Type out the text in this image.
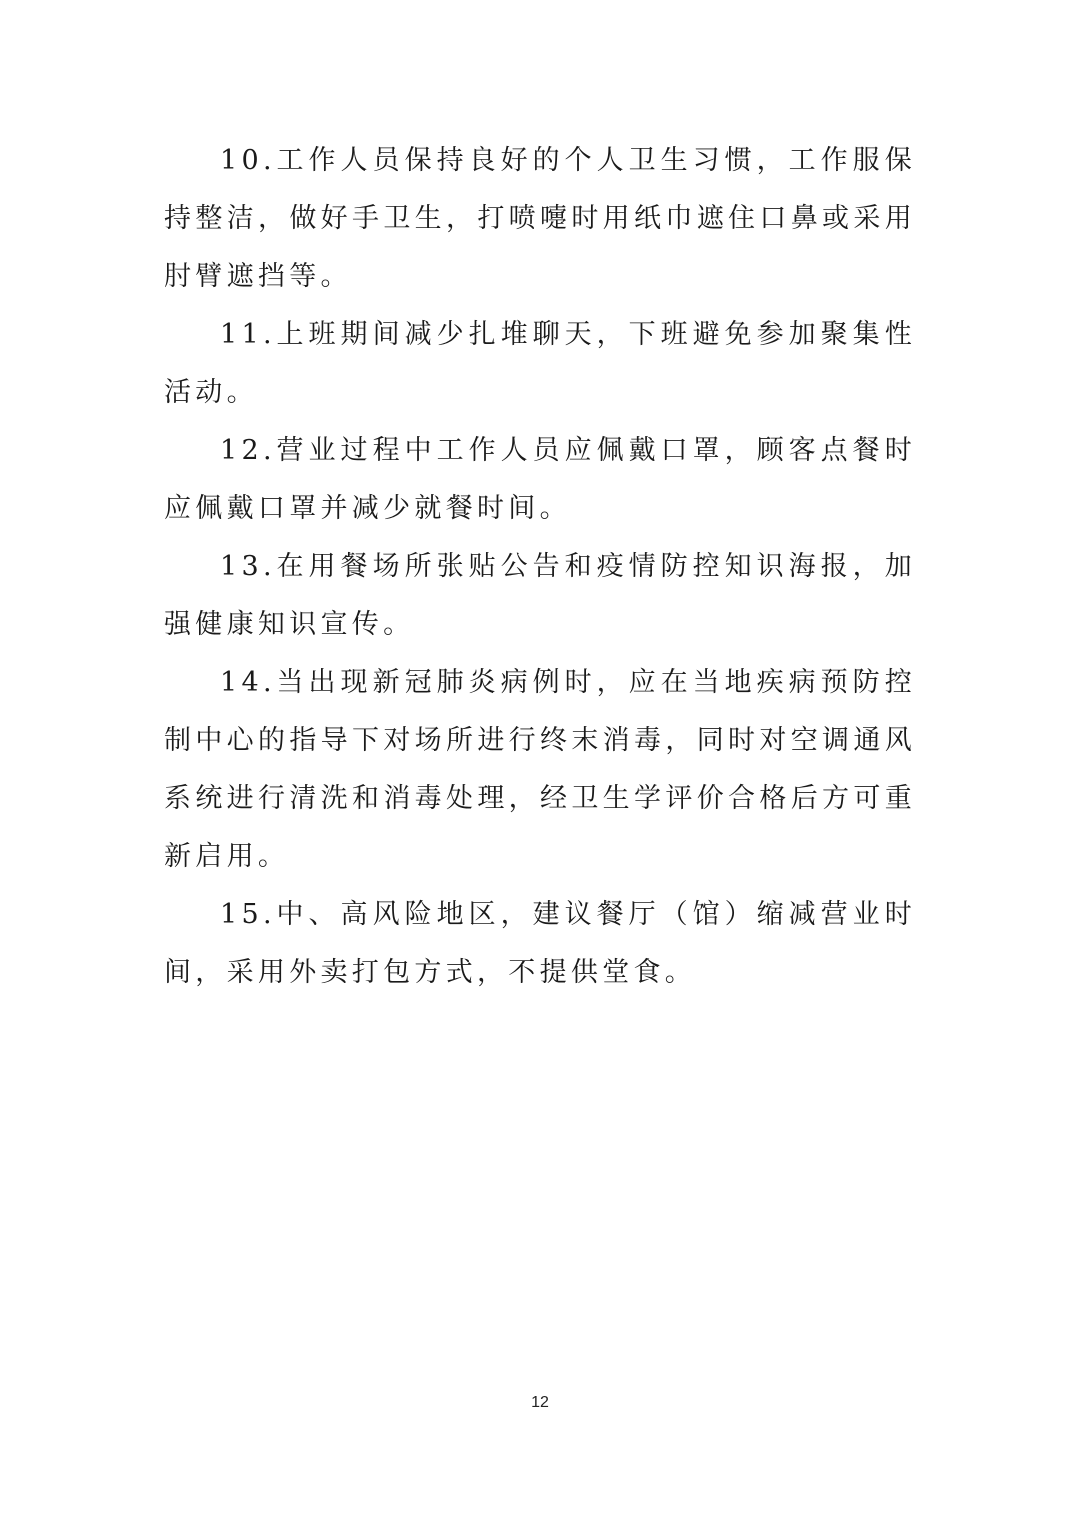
10.工作人员保持良好的个人卫生习惯，工作服保持整洁，做好手卫生，打喷嚏时用纸巾遮住口鼻或采用肘臂遮挡等。

11.上班期间减少扎堆聊天，下班避免参加聚集性活动。

12.营业过程中工作人员应佩戴口罩，顾客点餐时应佩戴口罩并减少就餐时间。

13.在用餐场所张贴公告和疫情防控知识海报，加强健康知识宣传。

14.当出现新冠肺炎病例时，应在当地疾病预防控制中心的指导下对场所进行终末消毒，同时对空调通风系统进行清洗和消毒处理，经卫生学评价合格后方可重新启用。

15.中、高风险地区，建议餐厅（馆）缩减营业时间，采用外卖打包方式，不提供堂食。

12
